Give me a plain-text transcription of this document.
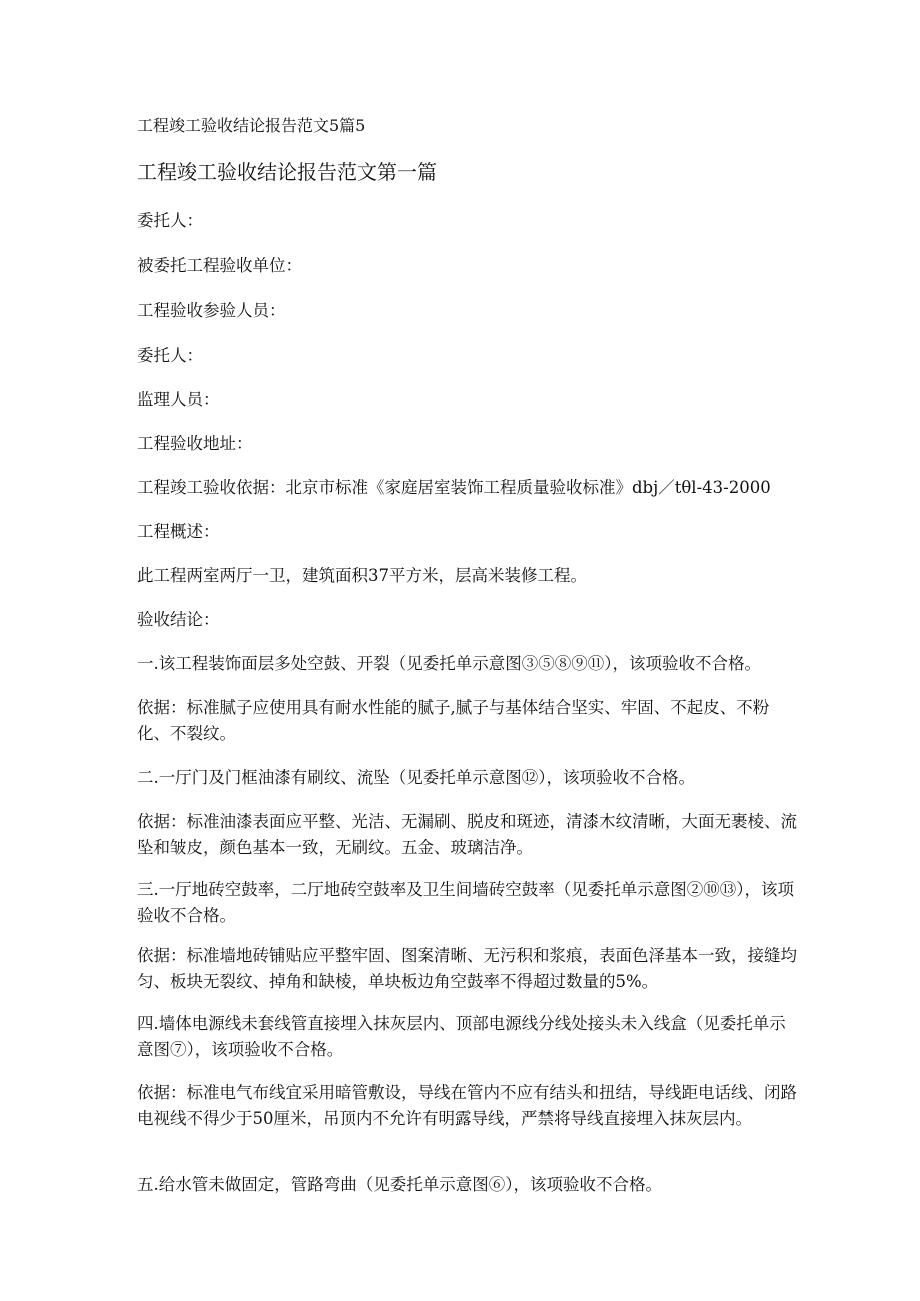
工程竣工验收结论报告范文5篇5

工程竣工验收结论报告范文第一篇

委托人：

被委托工程验收单位：

工程验收参验人员：

委托人：

监理人员：

工程验收地址：

工程竣工验收依据：北京市标准《家庭居室装饰工程质量验收标准》dbj／tθl-43-2000

工程概述：

此工程两室两厅一卫，建筑面积37平方米，层高米装修工程。

验收结论：

一.该工程装饰面层多处空鼓、开裂（见委托单示意图③⑤⑧⑨⑪），该项验收不合格。

依据：标准腻子应使用具有耐水性能的腻子,腻子与基体结合坚实、牢固、不起皮、不粉化、不裂纹。

二.一厅门及门框油漆有刷纹、流坠（见委托单示意图⑫），该项验收不合格。

依据：标准油漆表面应平整、光洁、无漏刷、脱皮和斑迹，清漆木纹清晰，大面无裹棱、流坠和皱皮，颜色基本一致，无刷纹。五金、玻璃洁净。

三.一厅地砖空鼓率，二厅地砖空鼓率及卫生间墙砖空鼓率（见委托单示意图②⑩⑬），该项验收不合格。

依据：标准墙地砖铺贴应平整牢固、图案清晰、无污积和浆痕，表面色泽基本一致，接缝均匀、板块无裂纹、掉角和缺棱，单块板边角空鼓率不得超过数量的5%。

四.墙体电源线未套线管直接埋入抹灰层内、顶部电源线分线处接头未入线盒（见委托单示意图⑦），该项验收不合格。

依据：标准电气布线宜采用暗管敷设，导线在管内不应有结头和扭结，导线距电话线、闭路电视线不得少于50厘米，吊顶内不允许有明露导线，严禁将导线直接埋入抹灰层内。

五.给水管未做固定，管路弯曲（见委托单示意图⑥），该项验收不合格。
